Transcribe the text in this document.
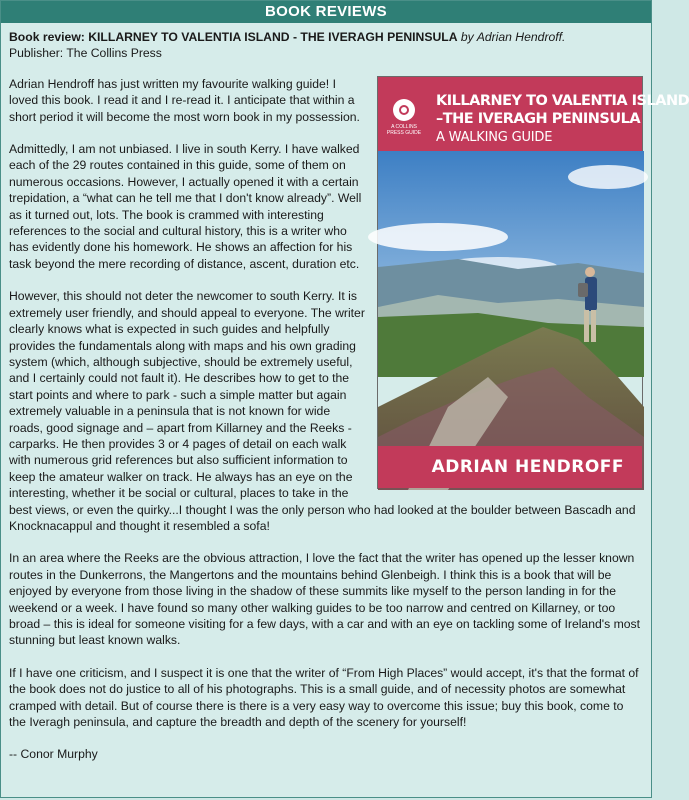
BOOK REVIEWS

Book review: KILLARNEY TO VALENTIA ISLAND - THE IVERAGH PENINSULA by Adrian Hendroff.

Publisher: The Collins Press

A COLLINS PRESS GUIDE
KILLARNEY TO VALENTIA ISLAND
–THE IVERAGH PENINSULA
A WALKING GUIDE
ADRIAN HENDROFF

Adrian Hendroff has just written my favourite walking guide! I loved this book. I read it and I re-read it. I anticipate that within a short period it will become the most worn book in my possession.

Admittedly, I am not unbiased. I live in south Kerry. I have walked each of the 29 routes contained in this guide, some of them on numerous occasions. However, I actually opened it with a certain trepidation, a “what can he tell me that I don't know already”. Well as it turned out, lots. The book is crammed with interesting references to the social and cultural history, this is a writer who has evidently done his homework. He shows an affection for his task beyond the mere recording of distance, ascent, duration etc.

However, this should not deter the newcomer to south Kerry. It is extremely user friendly, and should appeal to everyone. The writer clearly knows what is expected in such guides and helpfully provides the fundamentals along with maps and his own grading system (which, although subjective, should be extremely useful, and I certainly could not fault it). He describes how to get to the start points and where to park - such a simple matter but again extremely valuable in a peninsula that is not known for wide roads, good signage and – apart from Killarney and the Reeks - carparks. He then provides 3 or 4 pages of detail on each walk with numerous grid references but also sufficient information to keep the amateur walker on track. He always has an eye on the interesting, whether it be social or cultural, places to take in the best views, or even the quirky...I thought I was the only person who had looked at the boulder between Bascadh and Knocknacappul and thought it resembled a sofa!

In an area where the Reeks are the obvious attraction, I love the fact that the writer has opened up the lesser known routes in the Dunkerrons, the Mangertons and the mountains behind Glenbeigh. I think this is a book that will be enjoyed by everyone from those living in the shadow of these summits like myself to the person landing in for the weekend or a week. I have found so many other walking guides to be too narrow and centred on Killarney, or too broad – this is ideal for someone visiting for a few days, with a car and with an eye on tackling some of Ireland's most stunning but least known walks.

If I have one criticism, and I suspect it is one that the writer of “From High Places” would accept, it's that the format of the book does not do justice to all of his photographs. This is a small guide, and of necessity photos are somewhat cramped with detail. But of course there is there is a very easy way to overcome this issue; buy this book, come to the Iveragh peninsula, and capture the breadth and depth of the scenery for yourself!

-- Conor Murphy
